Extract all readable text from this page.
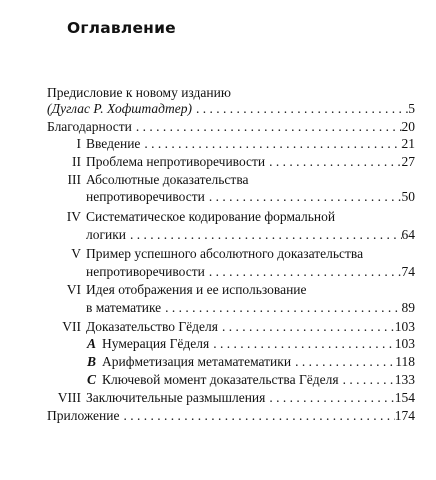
Оглавление
Предисловие к новому изданию
(Дуглас Р. Хофштадтер) . . .	5
Благодарности . . .	20
I Введение . . .	21
II Проблема непротиворечивости . . .	27
III Абсолютные доказательства
непротиворечивости . . .	50
IV Систематическое кодирование формальной
логики . . .	64
V Пример успешного абсолютного доказательства
непротиворечивости . . .	74
VI Идея отображения и ее использование
в математике . . .	89
VII Доказательство Гёделя . . .	103
A Нумерация Гёделя . . .	103
B Арифметизация метаматематики . . .	118
C Ключевой момент доказательства Гёделя . . .	133
VIII Заключительные размышления . . .	154
Приложение . . .	174
